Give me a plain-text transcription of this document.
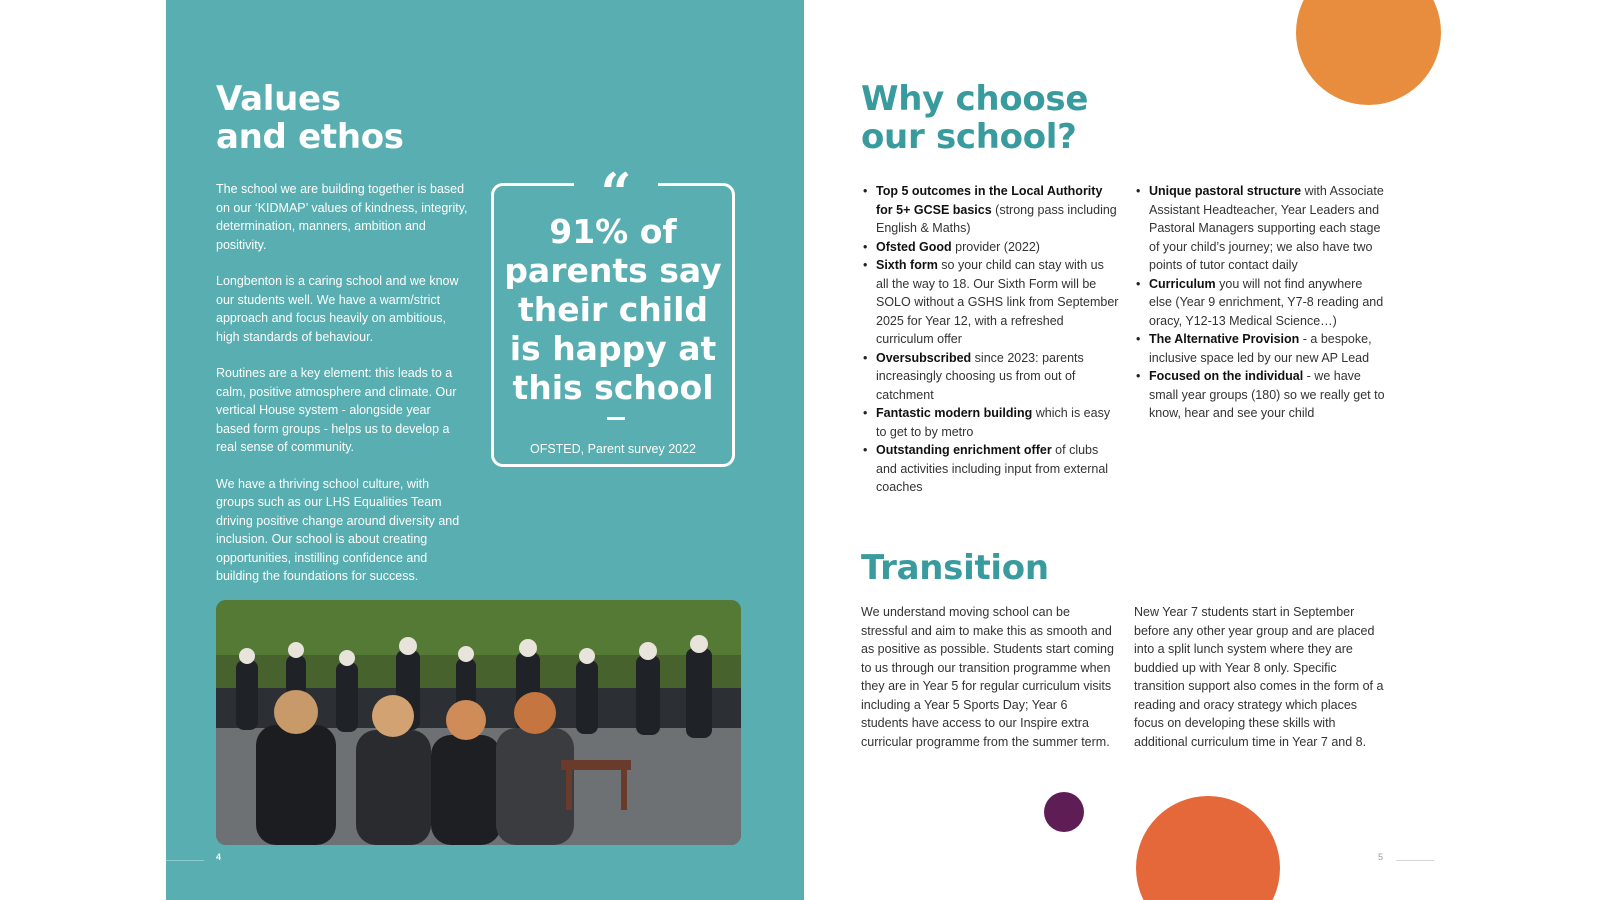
Values
and ethos

The school we are building together is based on our ‘KIDMAP’ values of kindness, integrity, determination, manners, ambition and positivity.

Longbenton is a caring school and we know our students well. We have a warm/strict approach and focus heavily on ambitious, high standards of behaviour.

Routines are a key element: this leads to a calm, positive atmosphere and climate. Our vertical House system - alongside year based form groups - helps us to develop a real sense of community.

We have a thriving school culture, with groups such as our LHS Equalities Team driving positive change around diversity and inclusion. Our school is about creating opportunities, instilling confidence and building the foundations for success.

“

91% of parents say their child is happy at this school

OFSTED, Parent survey 2022
4
Why choose
our school?
• Top 5 outcomes in the Local Authority for 5+ GCSE basics (strong pass including English & Maths)
• Ofsted Good provider (2022)
• Sixth form so your child can stay with us all the way to 18. Our Sixth Form will be SOLO without a GSHS link from September 2025 for Year 12, with a refreshed curriculum offer
• Oversubscribed since 2023: parents increasingly choosing us from out of catchment
• Fantastic modern building which is easy to get to by metro
• Outstanding enrichment offer of clubs and activities including input from external coaches
• Unique pastoral structure with Associate Assistant Headteacher, Year Leaders and Pastoral Managers supporting each stage of your child’s journey; we also have two points of tutor contact daily
• Curriculum you will not find anywhere else (Year 9 enrichment, Y7-8 reading and oracy, Y12-13 Medical Science…)
• The Alternative Provision - a bespoke, inclusive space led by our new AP Lead
• Focused on the individual - we have small year groups (180) so we really get to know, hear and see your child
Transition

We understand moving school can be stressful and aim to make this as smooth and as positive as possible. Students start coming to us through our transition programme when they are in Year 5 for regular curriculum visits including a Year 5 Sports Day; Year 6 students have access to our Inspire extra curricular programme from the summer term.

New Year 7 students start in September before any other year group and are placed into a split lunch system where they are buddied up with Year 8 only. Specific transition support also comes in the form of a reading and oracy strategy which places focus on developing these skills with additional curriculum time in Year 7 and 8.

5
